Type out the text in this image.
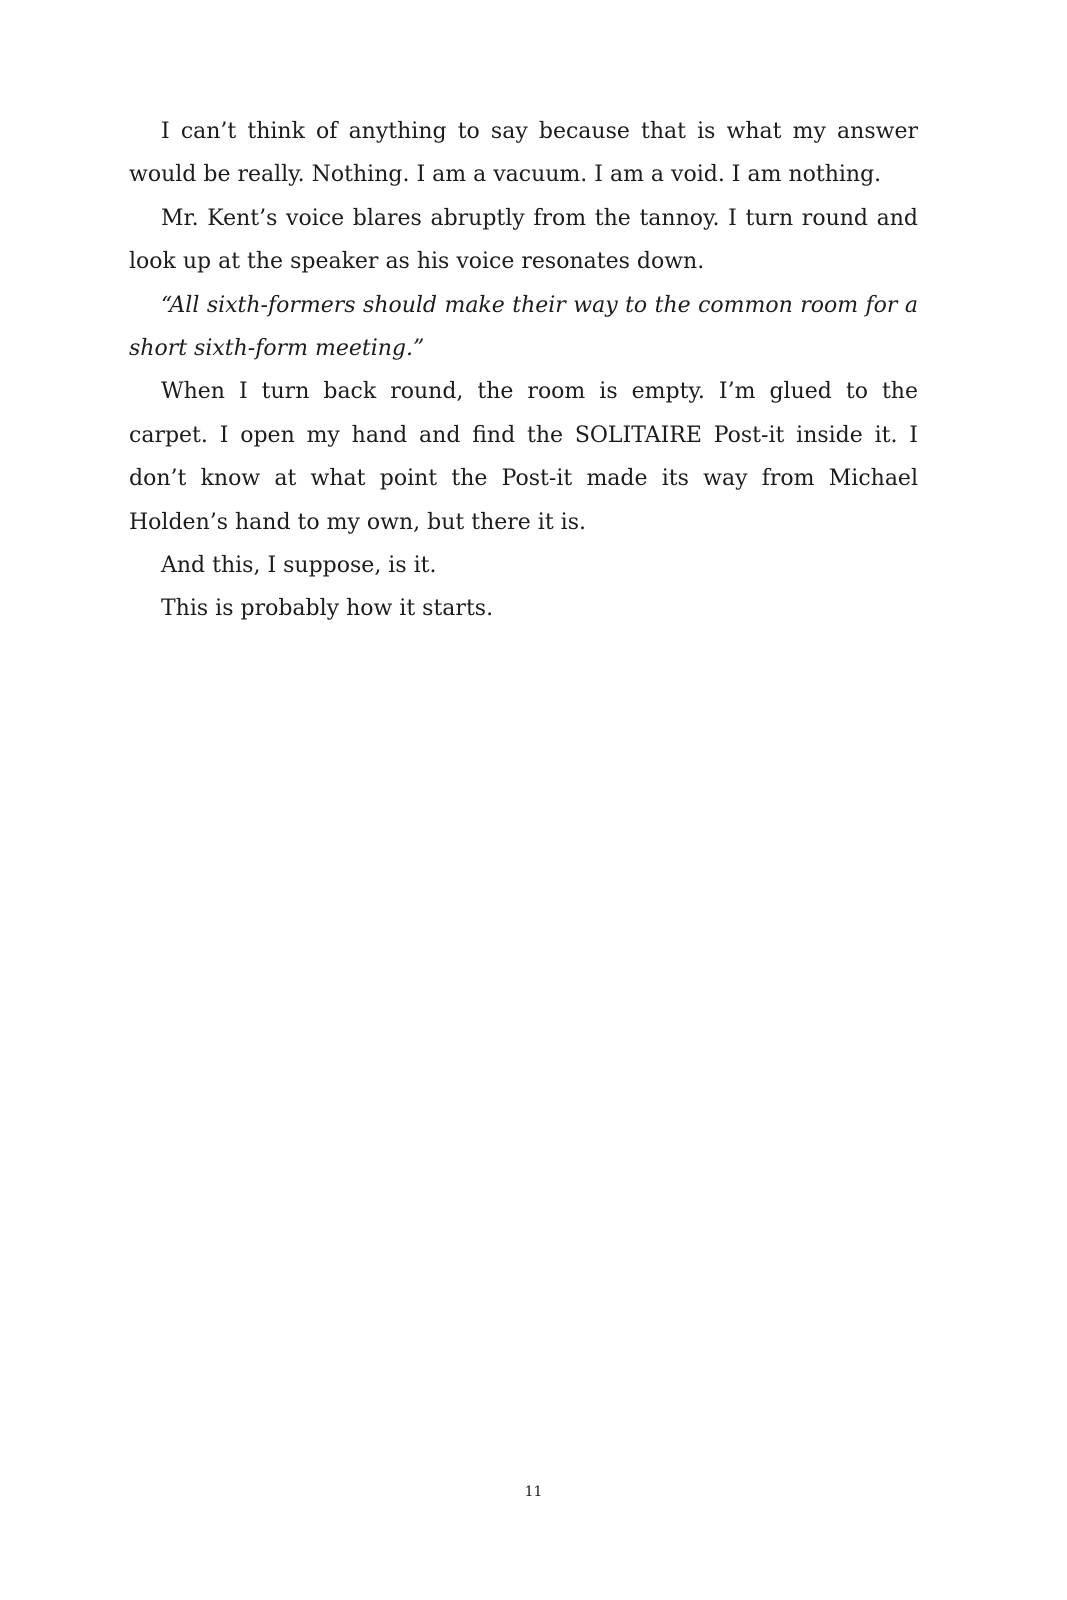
I can’t think of anything to say because that is what my answer would be really. Nothing. I am a vacuum. I am a void. I am nothing.

Mr. Kent’s voice blares abruptly from the tannoy. I turn round and look up at the speaker as his voice resonates down.

“All sixth-formers should make their way to the common room for a short sixth-form meeting.”

When I turn back round, the room is empty. I’m glued to the carpet. I open my hand and find the SOLITAIRE Post-it inside it. I don’t know at what point the Post-it made its way from Michael Holden’s hand to my own, but there it is.

And this, I suppose, is it.

This is probably how it starts.

11
